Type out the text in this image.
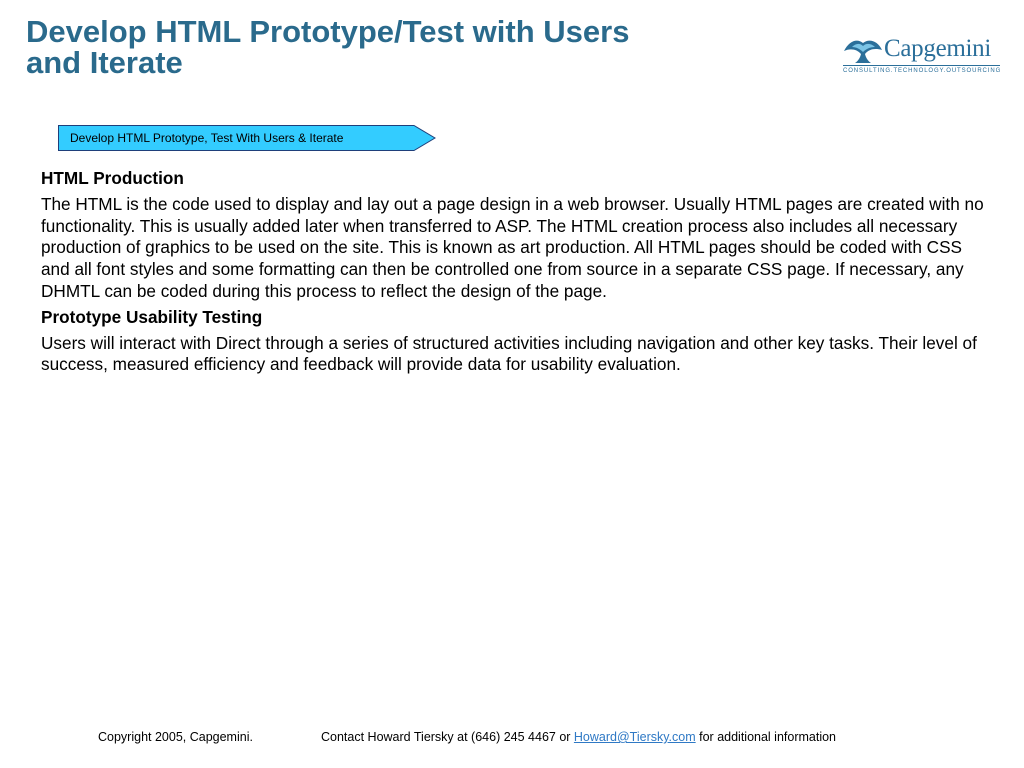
Develop HTML Prototype/Test with Users
and Iterate	Capgemini
CONSULTING.TECHNOLOGY.OUTSOURCING
Develop HTML Prototype, Test With Users & Iterate
HTML Production
The HTML is the code used to display and lay out a page design in a web browser. Usually HTML pages are created with no functionality. This is usually added later when transferred to ASP. The HTML creation process also includes all necessary production of graphics to be used on the site. This is known as art production. All HTML pages should be coded with CSS and all font styles and some formatting can then be controlled one from source in a separate CSS page. If necessary, any DHMTL can be coded during this process to reflect the design of the page.
Prototype Usability Testing
Users will interact with Direct through a series of structured activities including navigation and other key tasks. Their level of success, measured efficiency and feedback will provide data for usability evaluation.
Copyright 2005, Capgemini.	Contact Howard Tiersky at (646) 245 4467 or Howard@Tiersky.com for additional information
